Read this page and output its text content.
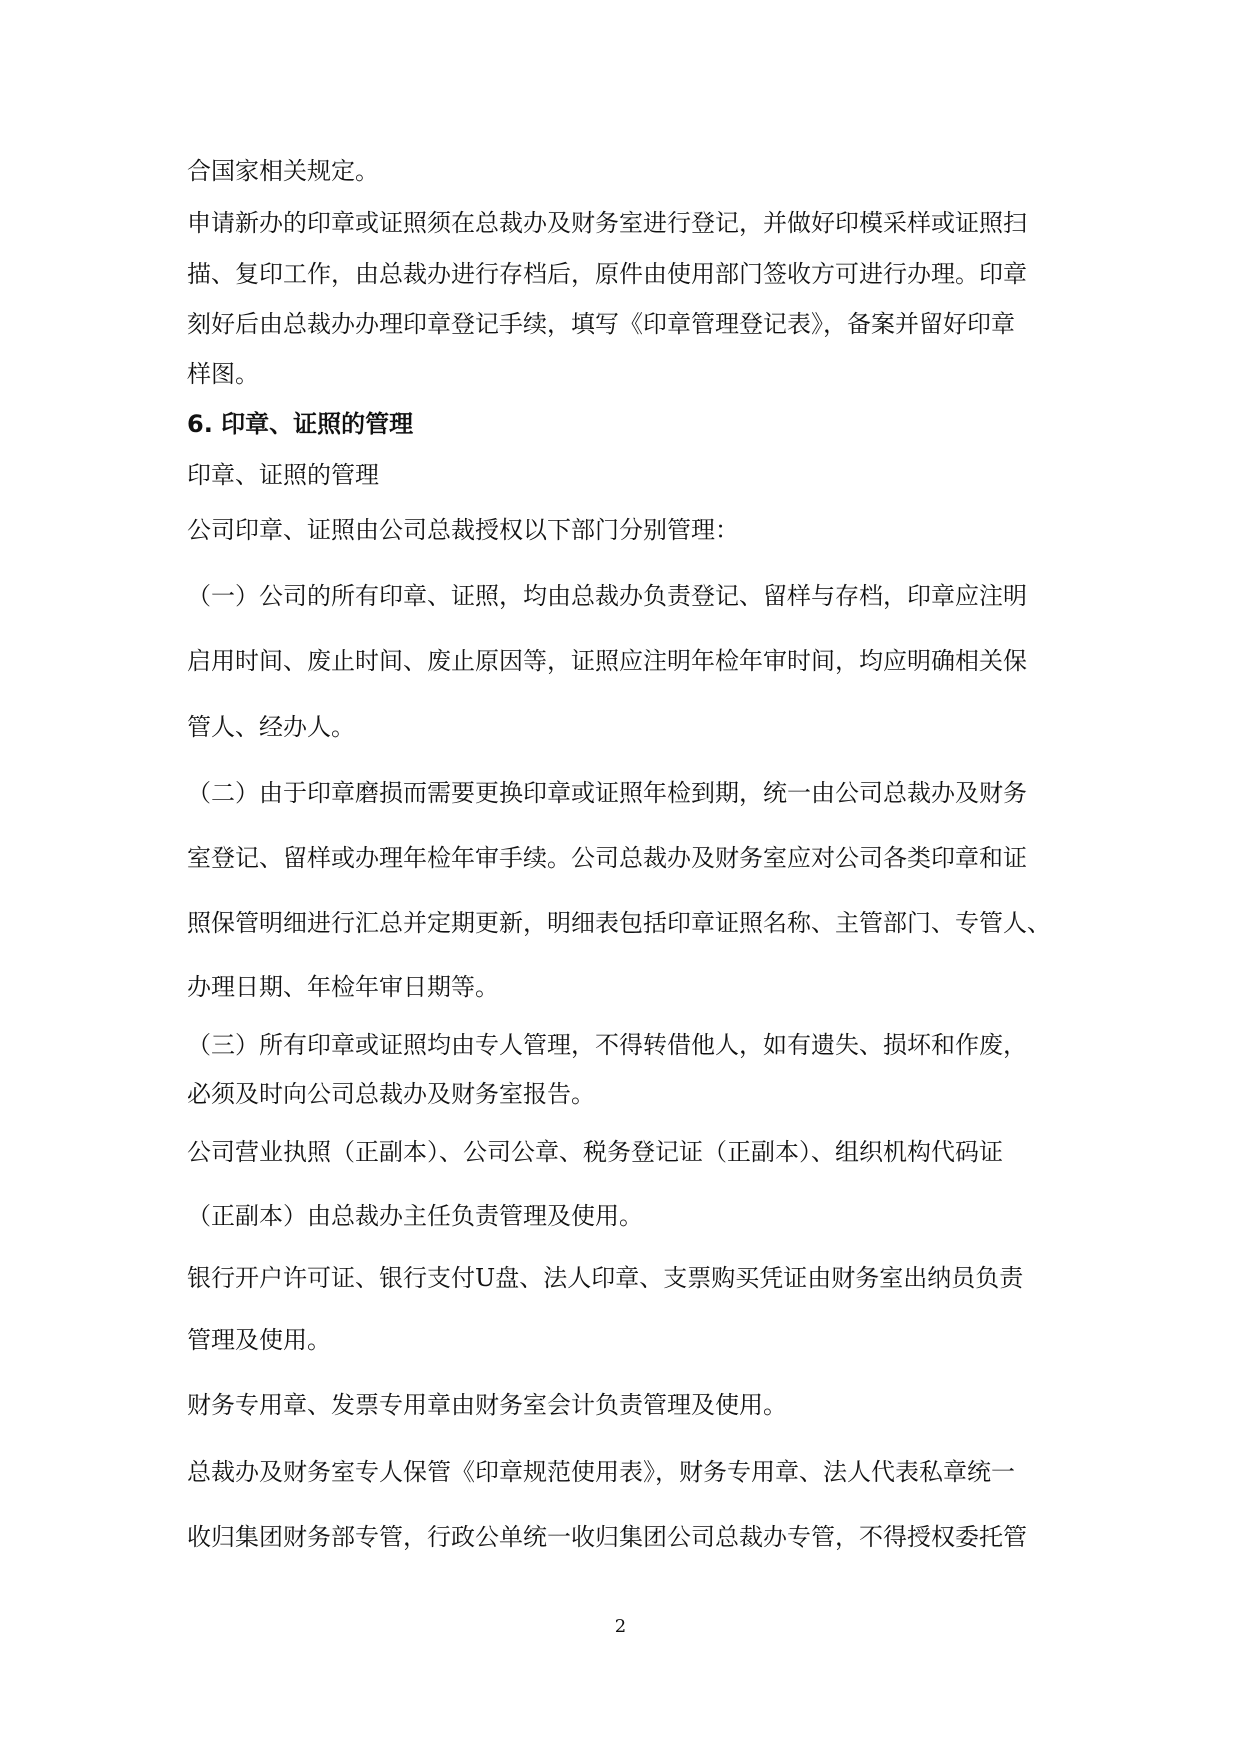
合国家相关规定。

申请新办的印章或证照须在总裁办及财务室进行登记，并做好印模采样或证照扫

描、复印工作，由总裁办进行存档后，原件由使用部门签收方可进行办理。印章

刻好后由总裁办办理印章登记手续，填写《印章管理登记表》，备案并留好印章

样图。

6. 印章、证照的管理

印章、证照的管理

公司印章、证照由公司总裁授权以下部门分别管理：

（一）公司的所有印章、证照，均由总裁办负责登记、留样与存档，印章应注明

启用时间、废止时间、废止原因等，证照应注明年检年审时间，均应明确相关保

管人、经办人。

（二）由于印章磨损而需要更换印章或证照年检到期，统一由公司总裁办及财务

室登记、留样或办理年检年审手续。公司总裁办及财务室应对公司各类印章和证

照保管明细进行汇总并定期更新，明细表包括印章证照名称、主管部门、专管人、

办理日期、年检年审日期等。

（三）所有印章或证照均由专人管理，不得转借他人，如有遗失、损坏和作废，

必须及时向公司总裁办及财务室报告。

公司营业执照（正副本）、公司公章、税务登记证（正副本）、组织机构代码证

（正副本）由总裁办主任负责管理及使用。

银行开户许可证、银行支付U盘、法人印章、支票购买凭证由财务室出纳员负责

管理及使用。

财务专用章、发票专用章由财务室会计负责管理及使用。

总裁办及财务室专人保管《印章规范使用表》，财务专用章、法人代表私章统一

收归集团财务部专管，行政公单统一收归集团公司总裁办专管，不得授权委托管

2
